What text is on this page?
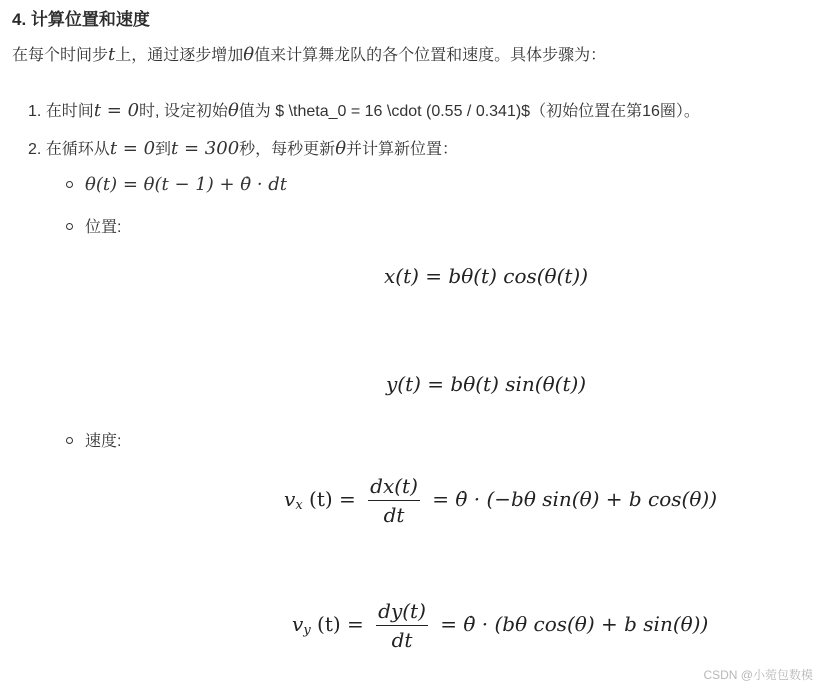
4. 计算位置和速度
在每个时间步t上，通过逐步增加θ值来计算舞龙队的各个位置和速度。具体步骤为：
1. 在时间t = 0时, 设定初始θ值为 $ \theta_0 = 16 \cdot (0.55 / 0.341)$（初始位置在第16圈）。
2. 在循环从t = 0到t = 300秒，每秒更新θ并计算新位置：
θ(t) = θ(t − 1) + θ̇ · dt
位置:
x(t) = bθ(t) cos(θ(t))
y(t) = bθ(t) sin(θ(t))
速度:
$v_x$ $(t) = \frac{dx(t)}{dt}$ = θ̇ · (−bθ sin(θ) + b cos(θ))
$v_y$ $(t) = \frac{dy(t)}{dt}$ = θ̇ · (bθ cos(θ) + b sin(θ))
CSDN @小菀包数模
